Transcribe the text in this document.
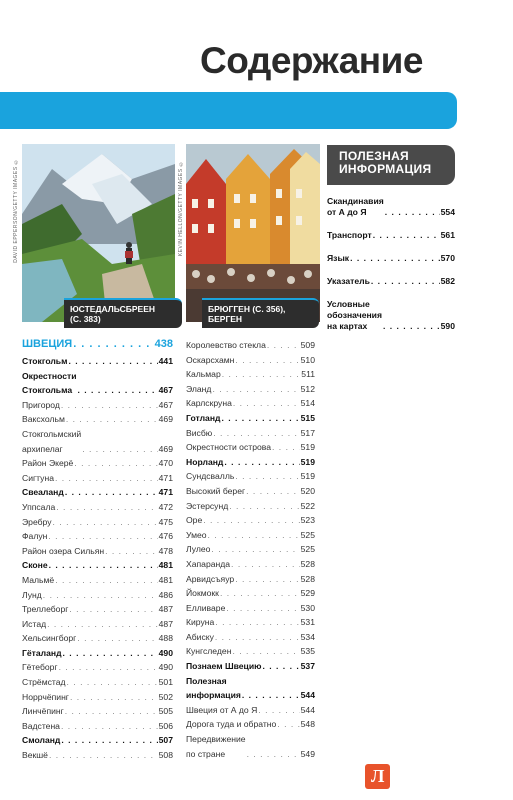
Содержание
DAVID EPPERSON/GETTY IMAGES ©	KEVIN HELLON/GETTY IMAGES ©
ЮСТЕДАЛЬСБРЕЕН
(С. 383)
БРЮГГЕН (С. 356),
БЕРГЕН
ПОЛЕЗНАЯ
ИНФОРМАЦИЯ
ШВЕЦИЯ . . .	438
Стокгольм . . .	441
Окрестности
Стокгольма . . .	467
Пригород . . .	467
Ваксхольм . . .	469
Стокгольмский
архипелаг . . .	469
Район Экерё . . .	470
Сигтуна . . .	471
Свеаланд . . .	471
Уппсала . . .	472
Эребру . . .	475
Фалун . . .	476
Район озера Сильян . . .	478
Сконе . . .	481
Мальмё . . .	481
Лунд . . .	486
Треллеборг . . .	487
Истад . . .	487
Хельсингборг . . .	488
Гёталанд . . .	490
Гётеборг . . .	490
Стрёмстад . . .	501
Норрчёпинг . . .	502
Линчёпинг . . .	505
Вадстена . . .	506
Смоланд . . .	507
Векшё . . .	508
Королевство стекла . . .	509
Оскарсхамн . . .	510
Кальмар . . .	511
Эланд . . .	512
Карлскруна . . .	514
Готланд . . .	515
Висбю . . .	517
Окрестности острова . . .	519
Норланд . . .	519
Сундсвалль . . .	519
Высокий берег . . .	520
Эстерсунд . . .	522
Оре . . .	523
Умео . . .	525
Лулео . . .	525
Хапаранда . . .	528
Арвидсъяур . . .	528
Йокмокк . . .	529
Елливаре . . .	530
Кируна . . .	531
Абиску . . .	534
Кунгследен . . .	535
Познаем Швецию . . .	537
Полезная
информация . . .	544
Швеция от А до Я . . .	544
Дорога туда и обратно . . .	548
Передвижение
по стране . . .	549
Скандинавия
от А до Я . . .	554
Транспорт . . .	561
Язык . . .	570
Указатель . . .	582
Условные
обозначения
на картах . . .	590
Л
